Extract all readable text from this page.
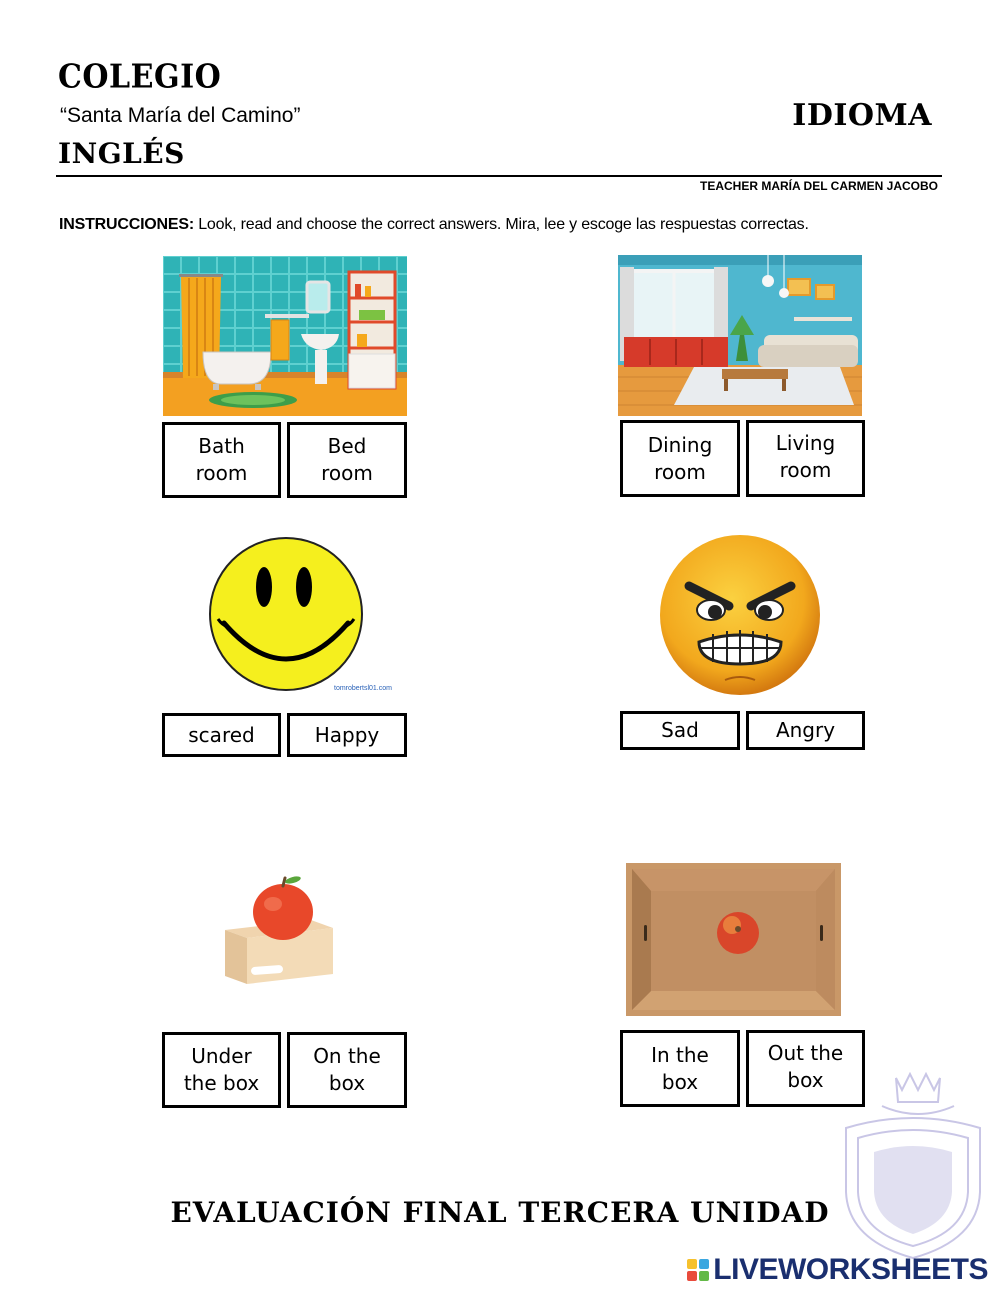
COLEGIO
“Santa María del Camino”
INGLÉS
IDIOMA
TEACHER MARÍA DEL CARMEN JACOBO
INSTRUCCIONES: Look, read and choose the correct answers. Mira, lee y escoge las respuestas correctas.
Bath
room
Bed
room
Dining
room
Living
room
tomrobertsl01.com
scared	Happy	Sad	Angry
Under
the box
On the
box
In the
box
Out the
box
EVALUACIÓN FINAL TERCERA UNIDAD
LIVEWORKSHEETS
